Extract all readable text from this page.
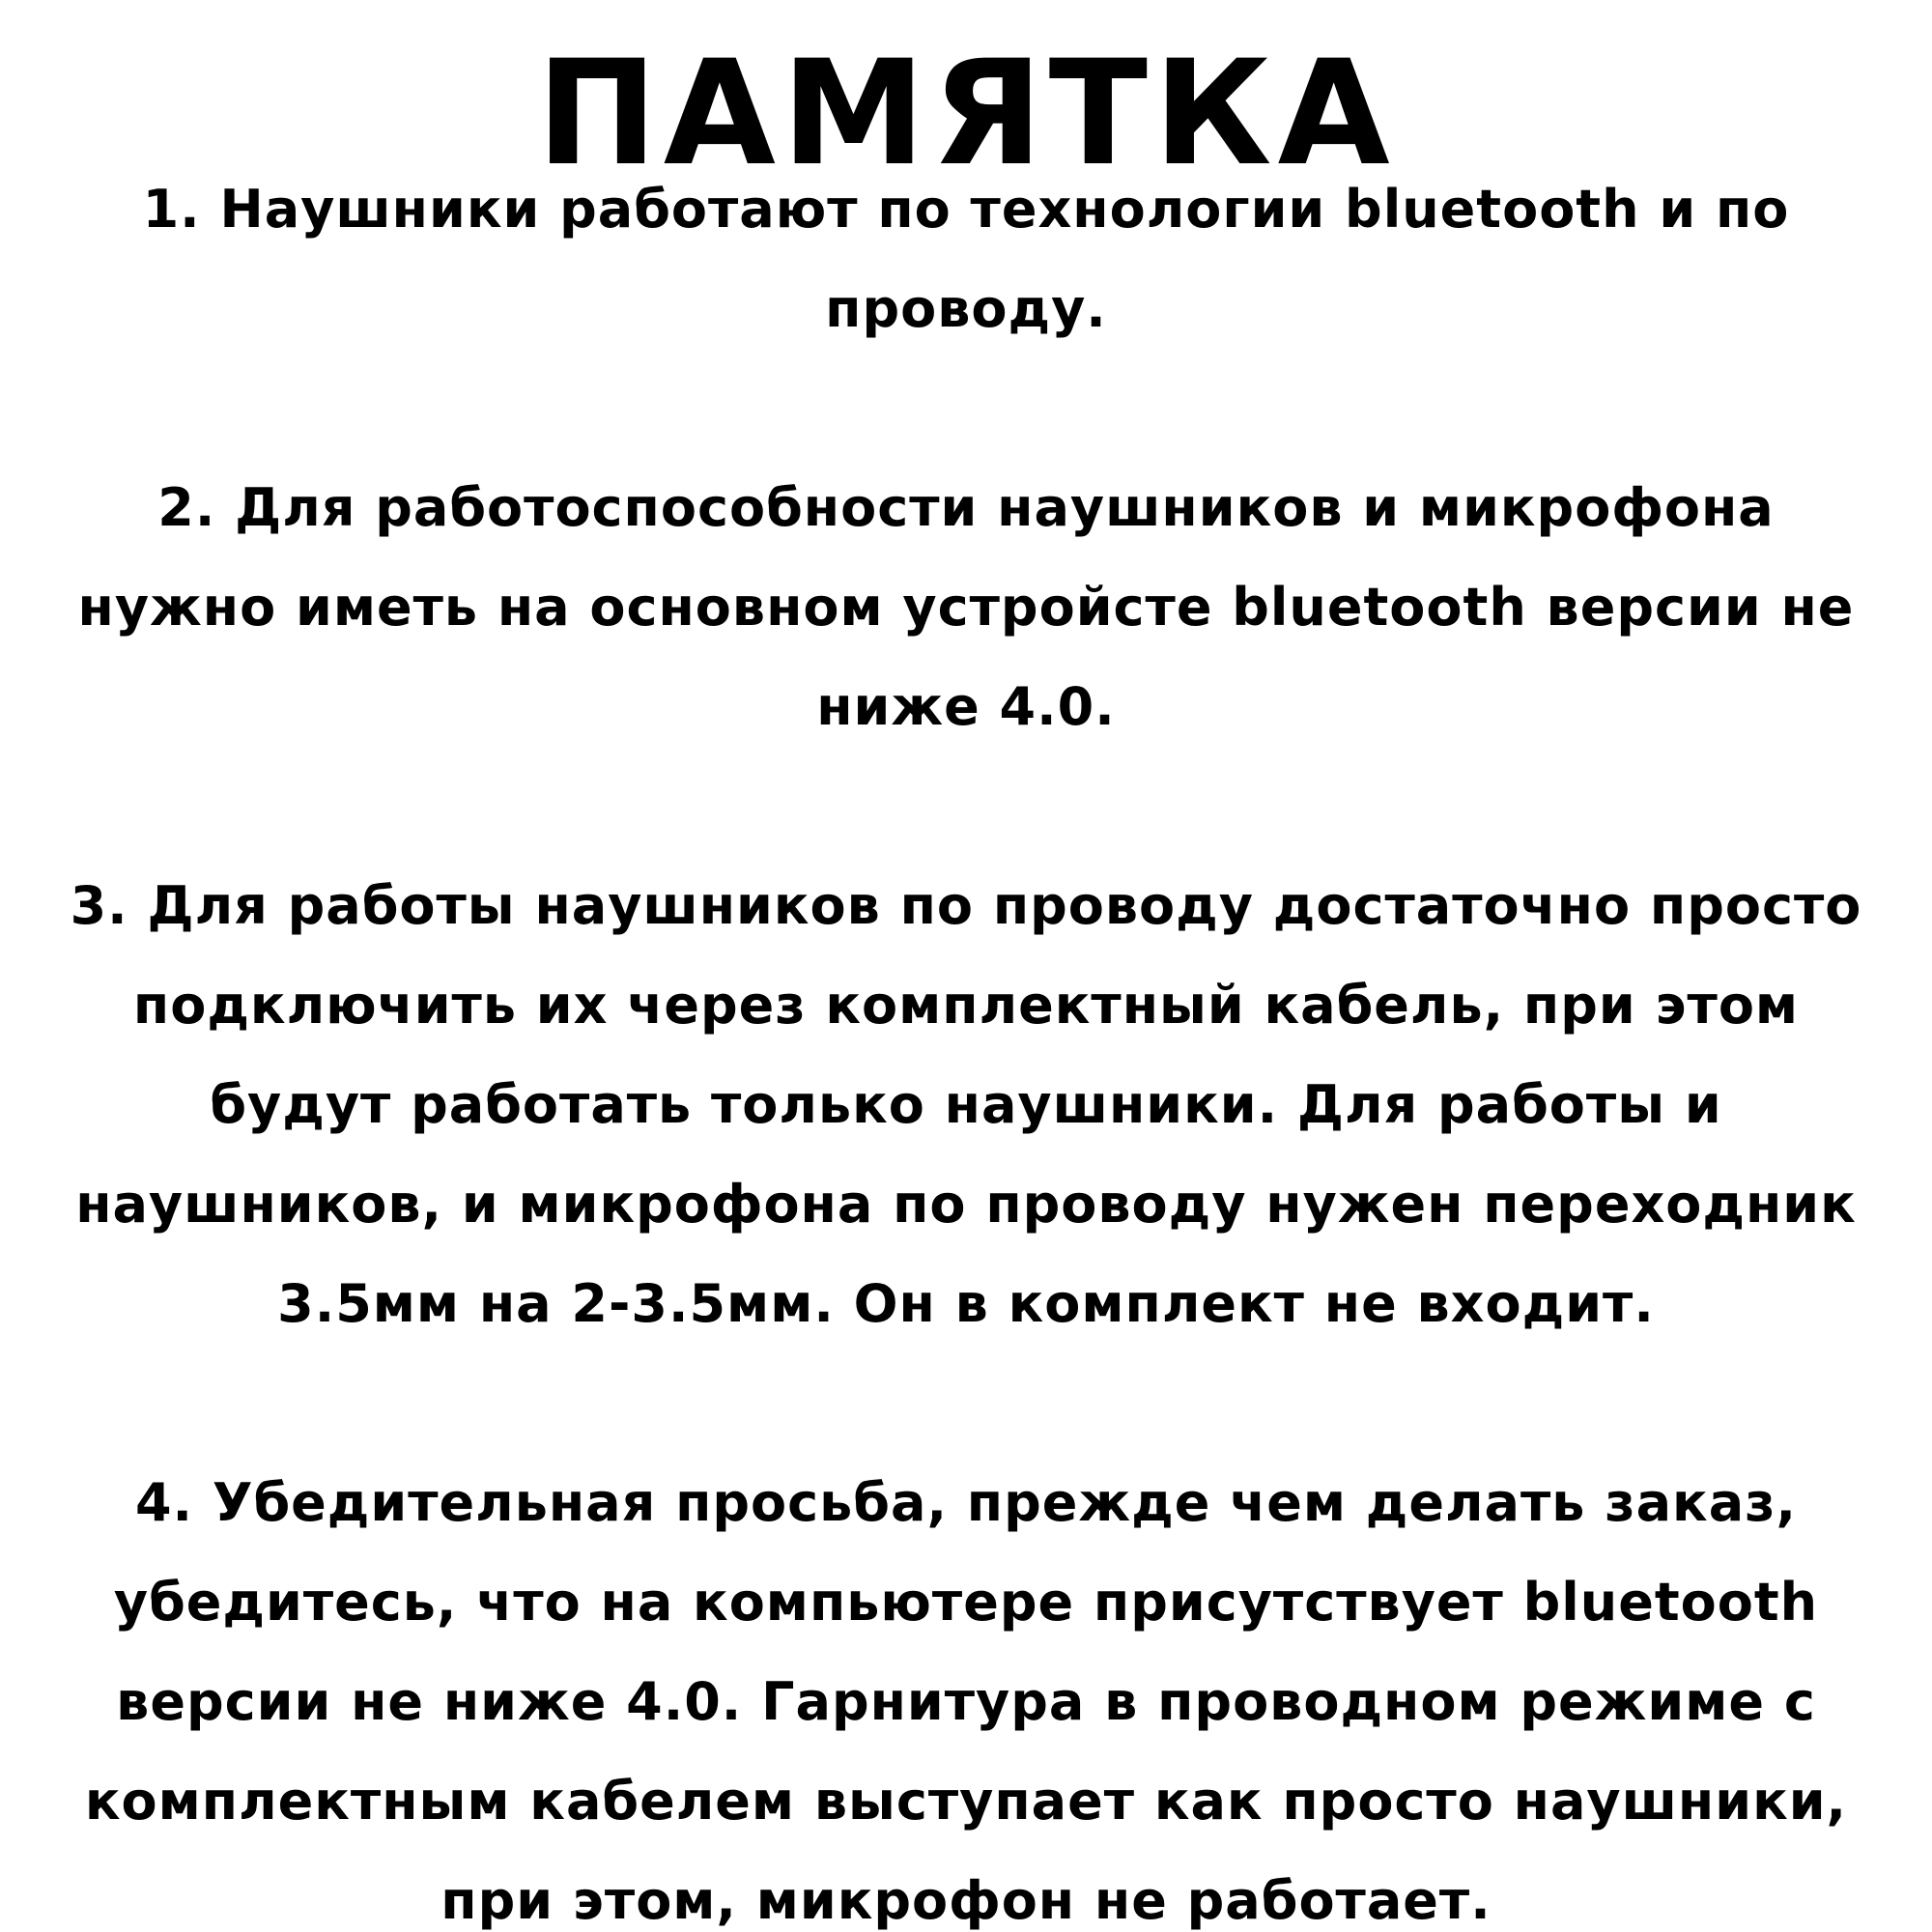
ПАМЯТКА

1. Наушники работают по технологии bluetooth и по
проводу.

2. Для работоспособности наушников и микрофона
нужно иметь на основном устройсте bluetooth версии не
ниже 4.0.

3. Для работы наушников по проводу достаточно просто
подключить их через комплектный кабель, при этом
будут работать только наушники. Для работы и
наушников, и микрофона по проводу нужен переходник
3.5мм на 2-3.5мм. Он в комплект не входит.

4. Убедительная просьба, прежде чем делать заказ,
убедитесь, что на компьютере присутствует bluetooth
версии не ниже 4.0. Гарнитура в проводном режиме с
комплектным кабелем выступает как просто наушники,
при этом, микрофон не работает.
